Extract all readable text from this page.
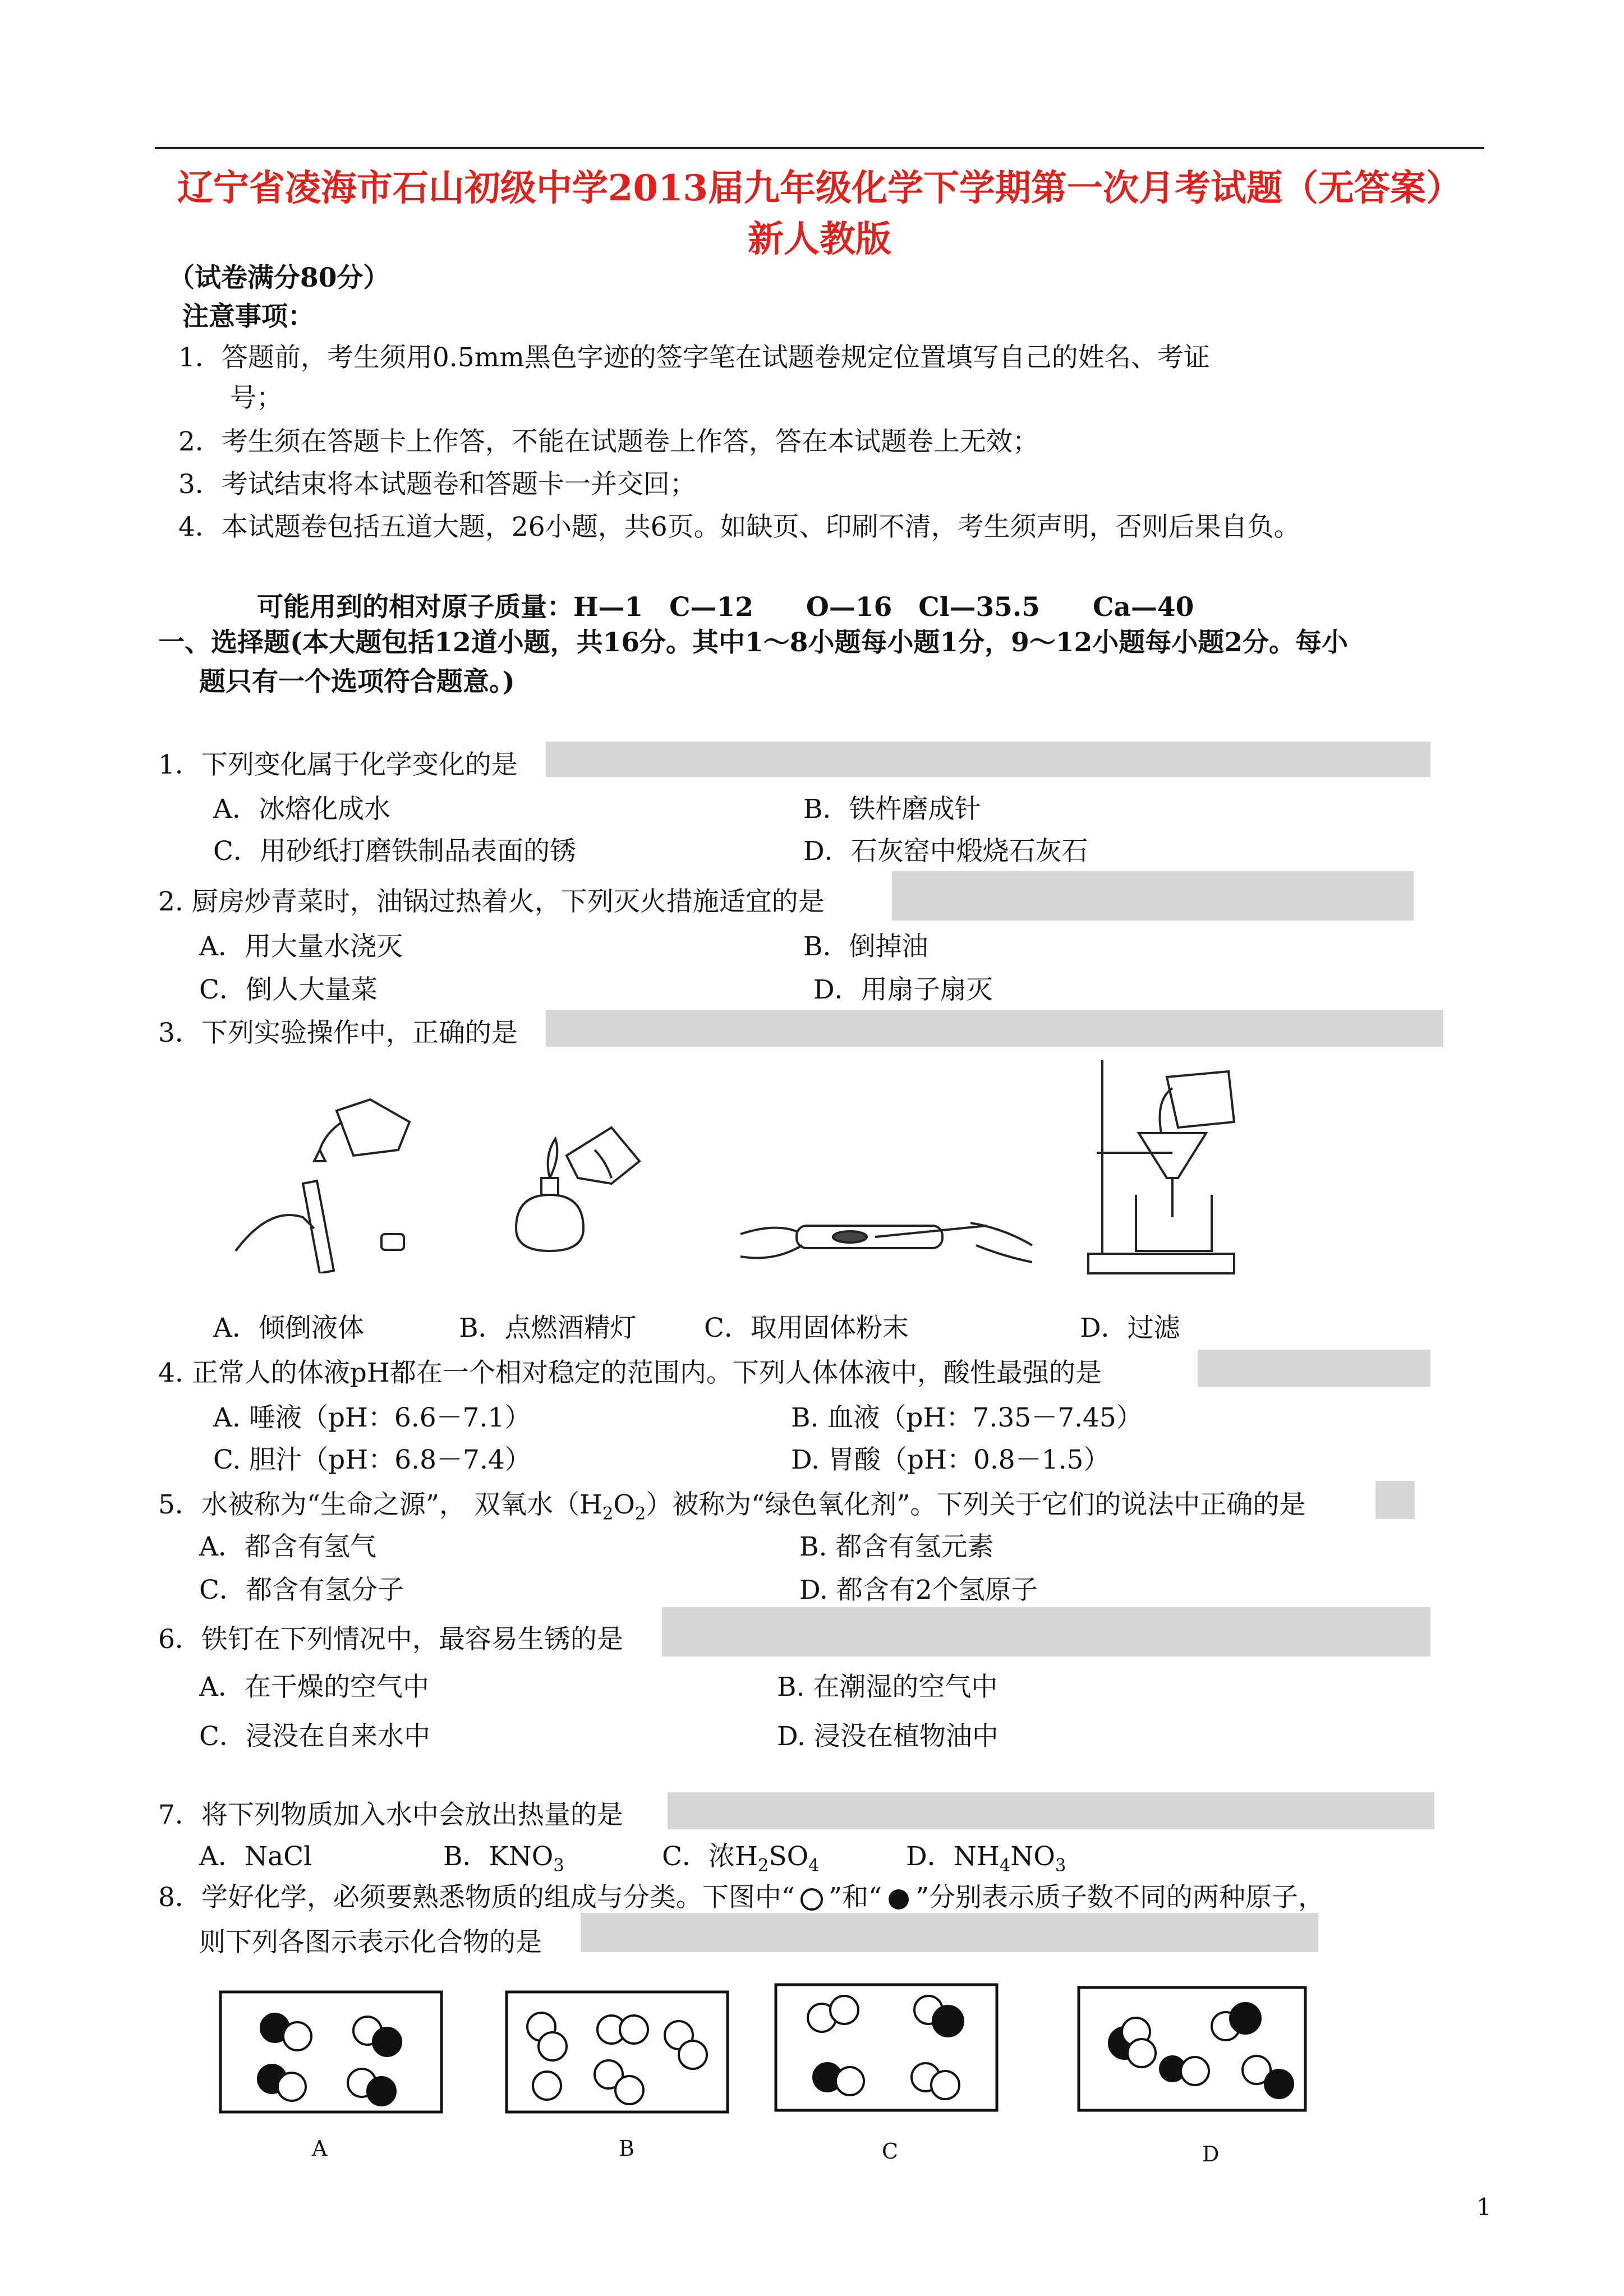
辽宁省凌海市石山初级中学2013届九年级化学下学期第一次月考试题（无答案）
新人教版
（试卷满分80分）
注意事项：
1．答题前，考生须用0.5mm黑色字迹的签字笔在试题卷规定位置填写自己的姓名、考证
号；
2．考生须在答题卡上作答，不能在试题卷上作答，答在本试题卷上无效；
3．考试结束将本试题卷和答题卡一并交回；
4．本试题卷包括五道大题，26小题，共6页。如缺页、印刷不清，考生须声明，否则后果自负。
可能用到的相对原子质量：H—1　C—12　　O—16　Cl—35.5　　Ca—40
一、选择题(本大题包括12道小题，共16分。其中1～8小题每小题1分，9～12小题每小题2分。每小
题只有一个选项符合题意。)
1．下列变化属于化学变化的是
A．冰熔化成水	B．铁杵磨成针
C．用砂纸打磨铁制品表面的锈	D．石灰窑中煅烧石灰石
2. 厨房炒青菜时，油锅过热着火，下列灭火措施适宜的是
A．用大量水浇灭	B．倒掉油
C．倒人大量菜	D．用扇子扇灭
3．下列实验操作中，正确的是
A．倾倒液体	B．点燃酒精灯	C．取用固体粉末	D．过滤
4. 正常人的体液pH都在一个相对稳定的范围内。下列人体体液中，酸性最强的是
A. 唾液（pH：6.6－7.1）	B. 血液（pH：7.35－7.45）
C. 胆汁（pH：6.8－7.4）	D. 胃酸（pH：0.8－1.5）
5．水被称为“生命之源”， 双氧水$(H_2O_2)$被称为“绿色氧化剂”。下列关于它们的说法中正确的是
A．都含有氢气	B. 都含有氢元素
C．都含有氢分子	D. 都含有2个氢原子
6．铁钉在下列情况中，最容易生锈的是
A．在干燥的空气中	B. 在潮湿的空气中
C．浸没在自来水中	D. 浸没在植物油中
7．将下列物质加入水中会放出热量的是
A．NaCl	B．$KNO_3$	C．浓$H_2SO_4$	D．$NH_4NO_3$
8．学好化学，必须要熟悉物质的组成与分类。下图中“ ”和“ ”分别表示质子数不同的两种原子，
则下列各图示表示化合物的是
A	B	C	D
1
